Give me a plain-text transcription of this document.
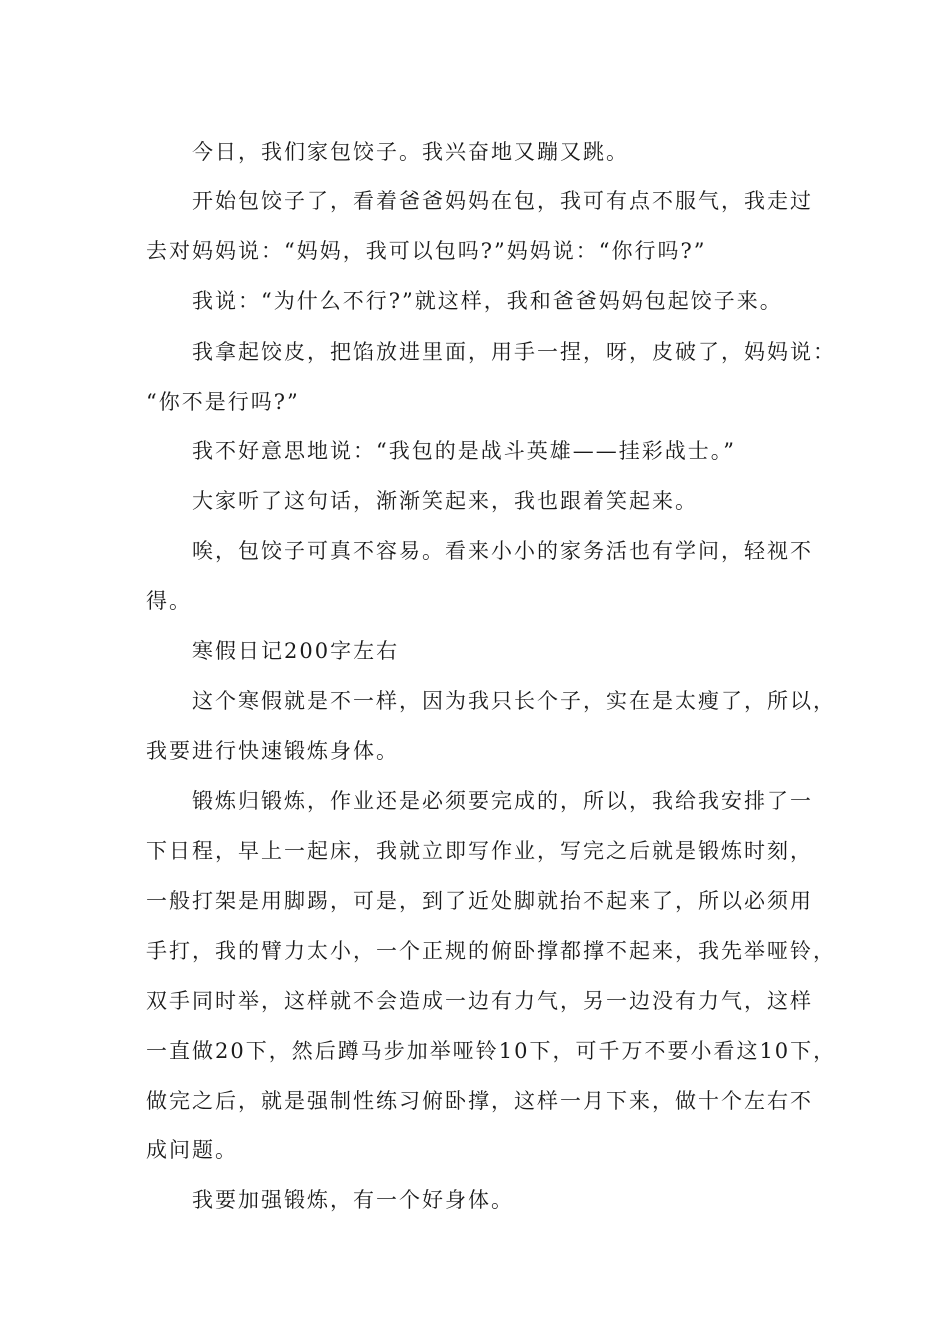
今日，我们家包饺子。我兴奋地又蹦又跳。

开始包饺子了，看着爸爸妈妈在包，我可有点不服气，我走过

去对妈妈说：“妈妈，我可以包吗?”妈妈说：“你行吗?”

我说：“为什么不行?”就这样，我和爸爸妈妈包起饺子来。

我拿起饺皮，把馅放进里面，用手一捏，呀，皮破了，妈妈说：

“你不是行吗?”

我不好意思地说：“我包的是战斗英雄——挂彩战士。”

大家听了这句话，渐渐笑起来，我也跟着笑起来。

唉，包饺子可真不容易。看来小小的家务活也有学问，轻视不

得。

寒假日记200字左右

这个寒假就是不一样，因为我只长个子，实在是太瘦了，所以，

我要进行快速锻炼身体。

锻炼归锻炼，作业还是必须要完成的，所以，我给我安排了一

下日程，早上一起床，我就立即写作业，写完之后就是锻炼时刻，

一般打架是用脚踢，可是，到了近处脚就抬不起来了，所以必须用

手打，我的臂力太小，一个正规的俯卧撑都撑不起来，我先举哑铃，

双手同时举，这样就不会造成一边有力气，另一边没有力气，这样

一直做20下，然后蹲马步加举哑铃10下，可千万不要小看这10下，

做完之后，就是强制性练习俯卧撑，这样一月下来，做十个左右不

成问题。

我要加强锻炼，有一个好身体。
